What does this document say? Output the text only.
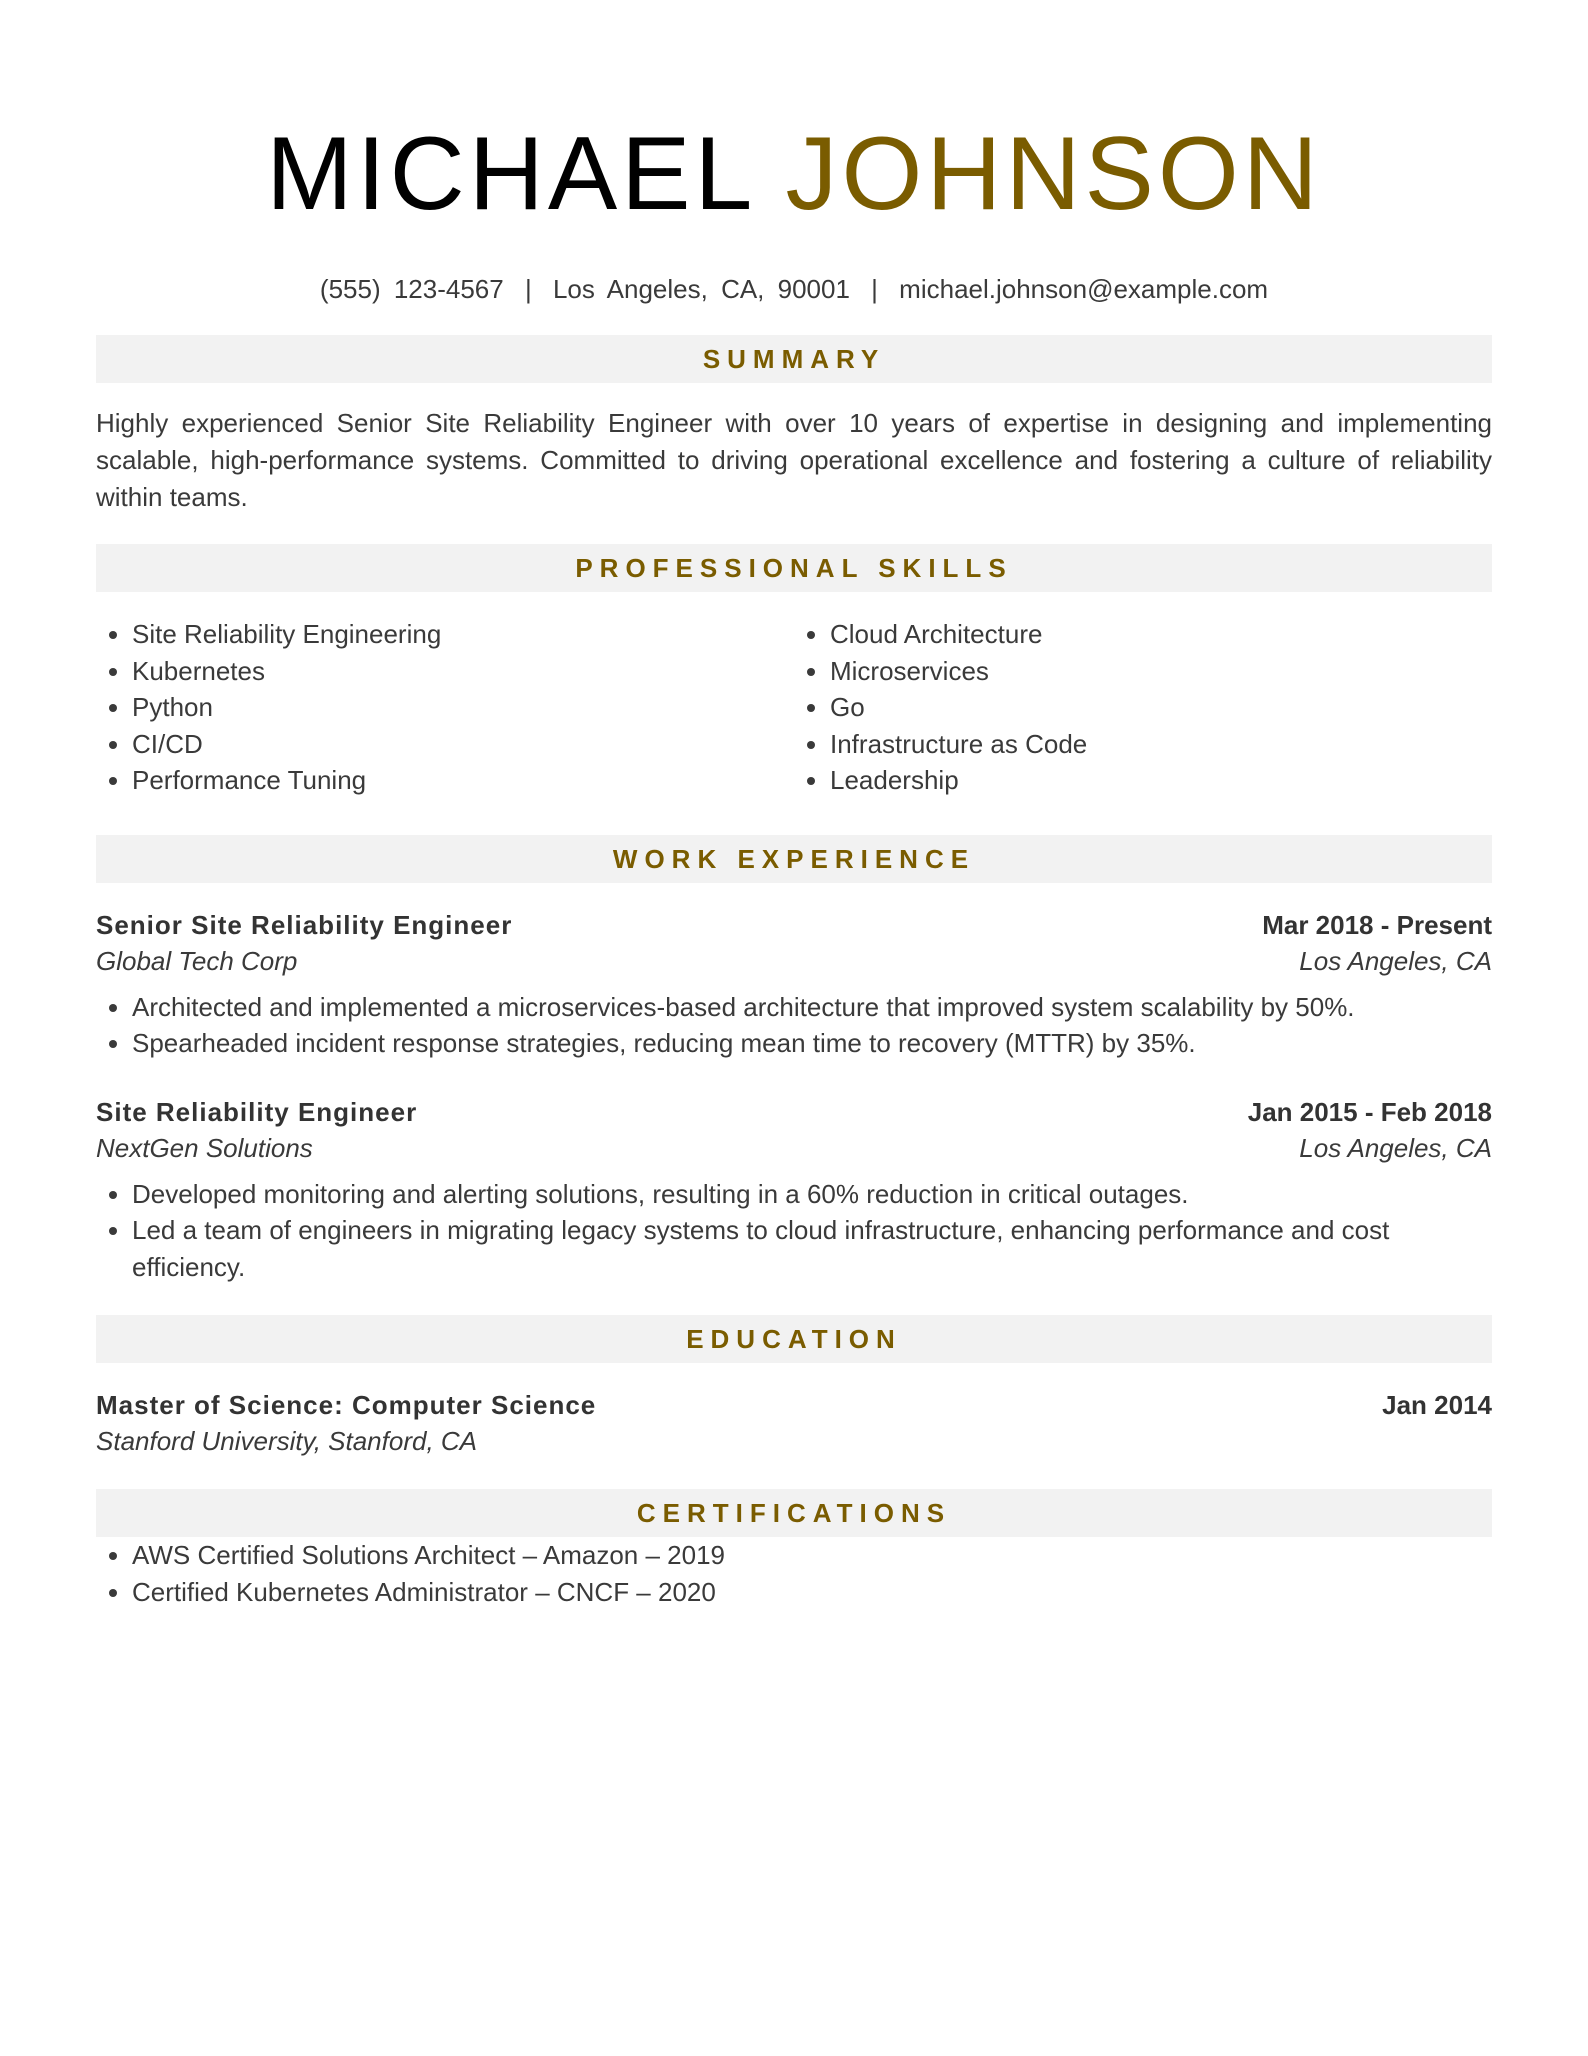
MICHAEL JOHNSON
(555) 123-4567 | Los Angeles, CA, 90001 | michael.johnson@example.com
SUMMARY

Highly experienced Senior Site Reliability Engineer with over 10 years of expertise in designing and implementing scalable, high-performance systems. Committed to driving operational excellence and fostering a culture of reliability within teams.

PROFESSIONAL SKILLS
• Site Reliability Engineering
• Kubernetes
• Python
• CI/CD
• Performance Tuning
• Cloud Architecture
• Microservices
• Go
• Infrastructure as Code
• Leadership
WORK EXPERIENCE
Senior Site Reliability Engineer	Mar 2018 - Present
Global Tech Corp	Los Angeles, CA
• Architected and implemented a microservices-based architecture that improved system scalability by 50%.
• Spearheaded incident response strategies, reducing mean time to recovery (MTTR) by 35%.
Site Reliability Engineer	Jan 2015 - Feb 2018
NextGen Solutions	Los Angeles, CA
• Developed monitoring and alerting solutions, resulting in a 60% reduction in critical outages.
• Led a team of engineers in migrating legacy systems to cloud infrastructure, enhancing performance and cost efficiency.
EDUCATION
Master of Science: Computer Science	Jan 2014
Stanford University, Stanford, CA
CERTIFICATIONS
• AWS Certified Solutions Architect – Amazon – 2019
• Certified Kubernetes Administrator – CNCF – 2020
